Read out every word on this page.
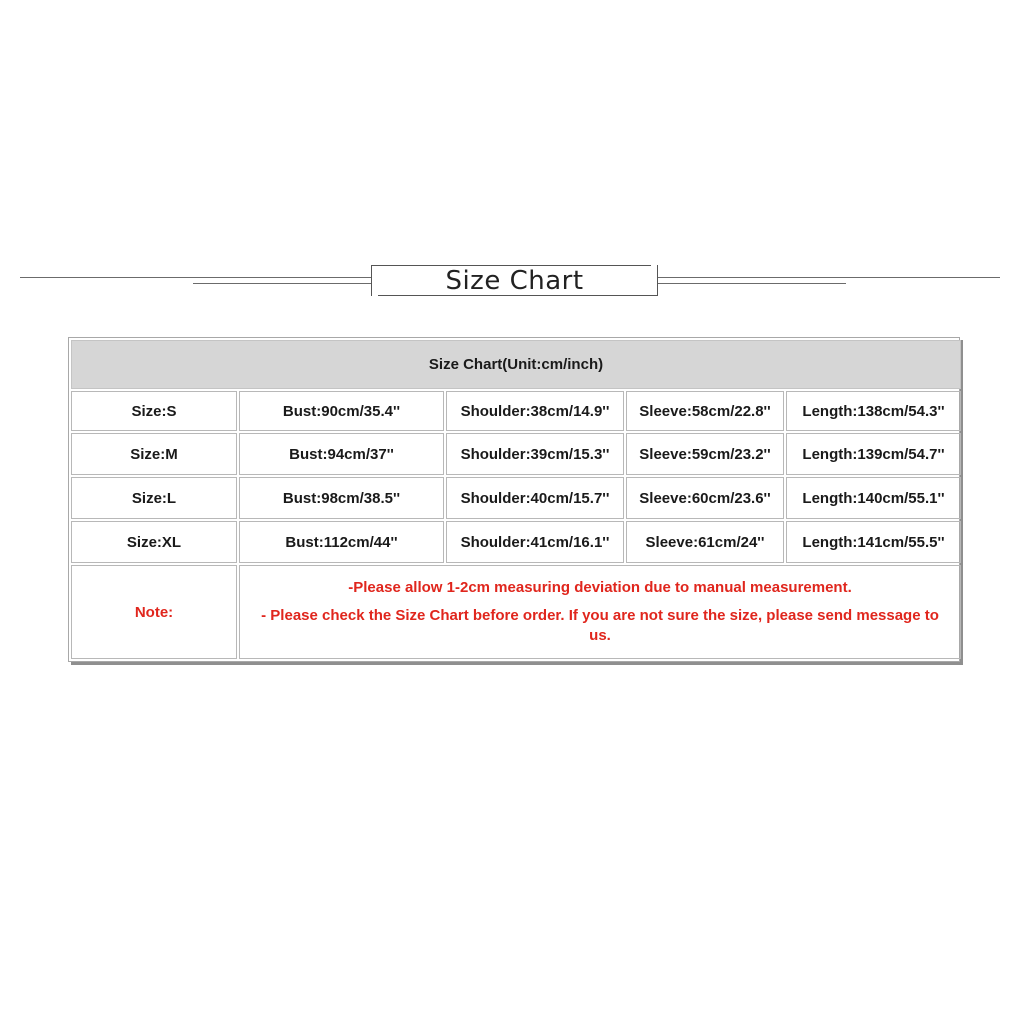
Size Chart
Size Chart(Unit:cm/inch)				
Size:S	Bust:90cm/35.4''	Shoulder:38cm/14.9''	Sleeve:58cm/22.8''	Length:138cm/54.3''
Size:M	Bust:94cm/37''	Shoulder:39cm/15.3''	Sleeve:59cm/23.2''	Length:139cm/54.7''
Size:L	Bust:98cm/38.5''	Shoulder:40cm/15.7''	Sleeve:60cm/23.6''	Length:140cm/55.1''
Size:XL	Bust:112cm/44''	Shoulder:41cm/16.1''	Sleeve:61cm/24''	Length:141cm/55.5''
Note:	-Please allow 1-2cm measuring deviation due to manual measurement.
- Please check the Size Chart before order. If you are not sure the size, please send message to us.			
